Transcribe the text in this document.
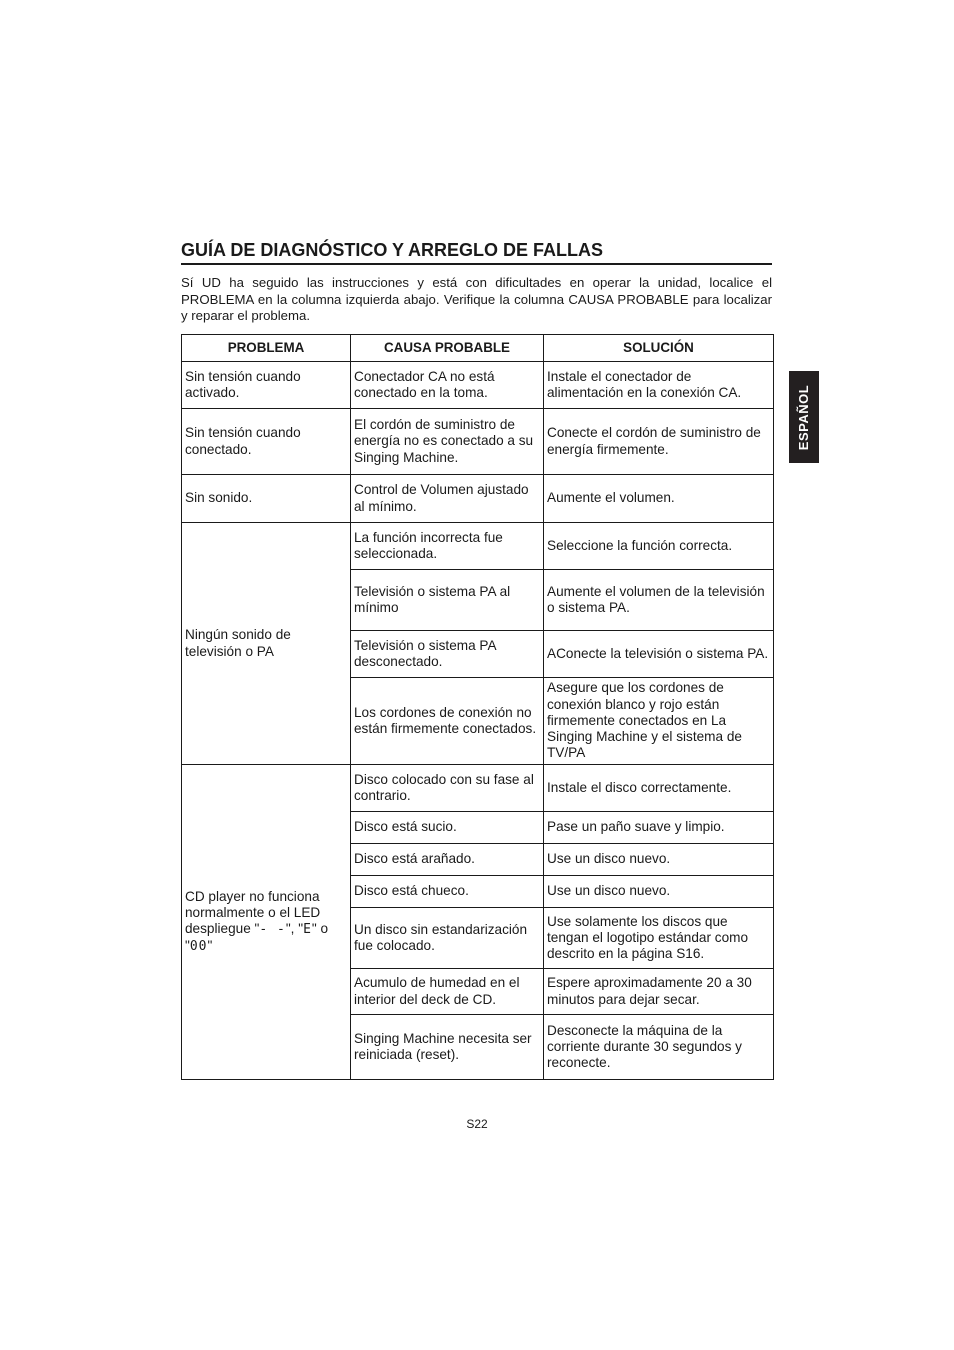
GUÍA DE DIAGNÓSTICO Y ARREGLO DE FALLAS

Sí UD ha seguido las instrucciones y está con dificultades en operar la unidad, localice el PROBLEMA en la columna izquierda abajo. Verifique la columna CAUSA PROBABLE para localizar y reparar el problema.

ESPAÑOL
PROBLEMA	CAUSA PROBABLE	SOLUCIÓN
Sin tensión cuando activado.	Conectador CA no está conectado en la toma.	Instale el conectador de alimentación en la conexión CA.
Sin tensión cuando conectado.	El cordón de suministro de energía no es conectado a su Singing Machine.	Conecte el cordón de suministro de energía firmemente.
Sin sonido.	Control de Volumen ajustado al mínimo.	Aumente el volumen.
Ningún sonido de televisión o PA	La función incorrecta fue seleccionada.	Seleccione la función correcta.
	Televisión o sistema PA al mínimo	Aumente el volumen de la televisión o sistema PA.
	Televisión o sistema PA desconectado.	AConecte la televisión o sistema PA.
	Los cordones de conexión no están firmemente conectados.	Asegure que los cordones de conexión blanco y rojo están firmemente conectados en La Singing Machine y el sistema de TV/PA
CD player no funciona normalmente o el LED despliegue "- -", "E" o "00"	Disco colocado con su fase al contrario.	Instale el disco correctamente.
	Disco está sucio.	Pase un paño suave y limpio.
	Disco está arañado.	Use un disco nuevo.
	Disco está chueco.	Use un disco nuevo.
	Un disco sin estandarización fue colocado.	Use solamente los discos que tengan el logotipo estándar como descrito en la página S16.
	Acumulo de humedad en el interior del deck de CD.	Espere aproximadamente 20 a 30 minutos para dejar secar.
	Singing Machine necesita ser reiniciada (reset).	Desconecte la máquina de la corriente durante 30 segundos y reconecte.
S22
